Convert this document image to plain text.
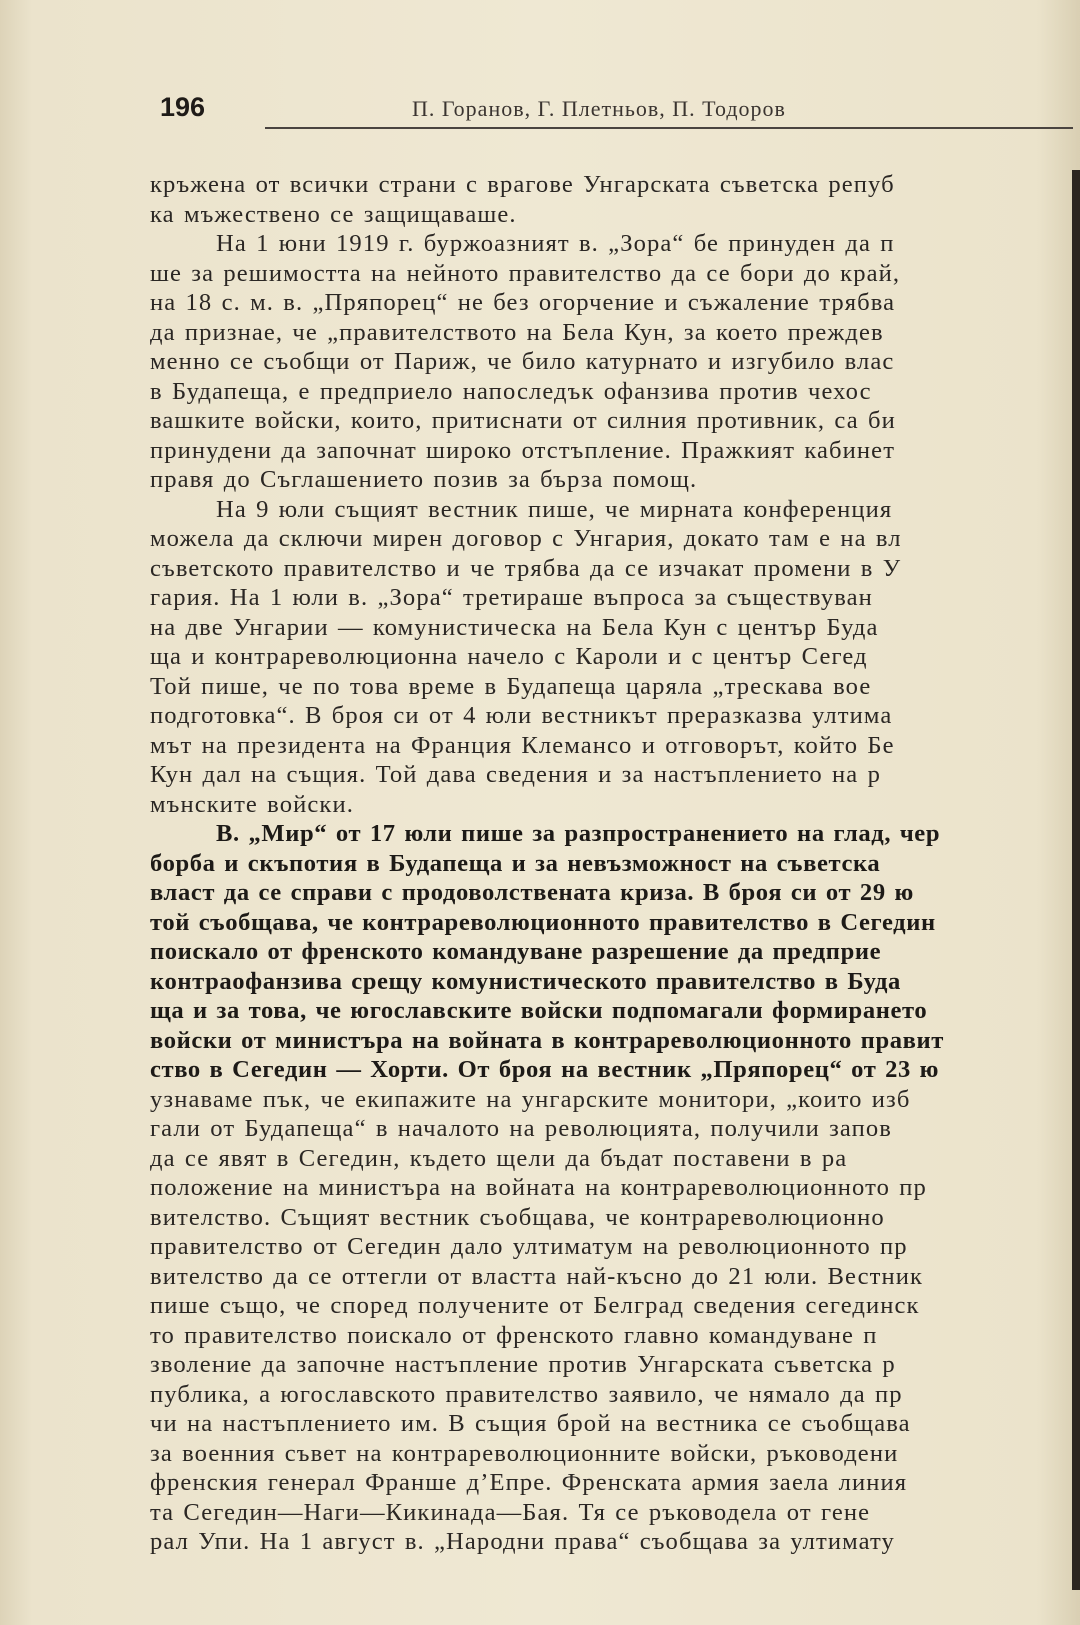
196	П. Горанов, Г. Плетньов, П. Тодоров
кръжена от всички страни с врагове Унгарската съветска репуб
ка мъжествено се защищаваше.
На 1 юни 1919 г. буржоазният в. „Зора“ бе принуден да п
ше за решимостта на нейното правителство да се бори до край,
на 18 с. м. в. „Пряпорец“ не без огорчение и съжаление трябва
да признае, че „правителството на Бела Кун, за което преждев
менно се съобщи от Париж, че било катурнато и изгубило влас
в Будапеща, е предприело напоследък офанзива против чехос
вашките войски, които, притиснати от силния противник, са би
принудени да започнат широко отстъпление. Пражкият кабинет
правя до Съглашението позив за бърза помощ.
На 9 юли същият вестник пише, че мирната конференция
можела да сключи мирен договор с Унгария, докато там е на вл
съветското правителство и че трябва да се изчакат промени в У
гария. На 1 юли в. „Зора“ третираше въпроса за съществуван
на две Унгарии — комунистическа на Бела Кун с център Буда
ща и контрареволюционна начело с Кароли и с център Сегед
Той пише, че по това време в Будапеща царяла „трескава вое
подготовка“. В броя си от 4 юли вестникът преразказва ултима
мът на президента на Франция Клемансо и отговорът, който Бе
Кун дал на същия. Той дава сведения и за настъплението на р
мънските войски.
В. „Мир“ от 17 юли пише за разпространението на глад, чер
борба и скъпотия в Будапеща и за невъзможност на съветска
власт да се справи с продоволствената криза. В броя си от 29 ю
той съобщава, че контрареволюционното правителство в Сегедин
поискало от френското командуване разрешение да предприе
контраофанзива срещу комунистическото правителство в Буда
ща и за това, че югославските войски подпомагали формирането
войски от министъра на войната в контрареволюционното правит
ство в Сегедин — Хорти. От броя на вестник „Пряпорец“ от 23 ю
узнаваме пък, че екипажите на унгарските монитори, „които изб
гали от Будапеща“ в началото на революцията, получили запов
да се явят в Сегедин, където щели да бъдат поставени в ра
положение на министъра на войната на контрареволюционното пр
вителство. Същият вестник съобщава, че контрареволюционно
правителство от Сегедин дало ултиматум на революционното пр
вителство да се оттегли от властта най-късно до 21 юли. Вестник
пише също, че според получените от Белград сведения сегединск
то правителство поискало от френското главно командуване п
зволение да започне настъпление против Унгарската съветска р
публика, а югославското правителство заявило, че нямало да пр
чи на настъплението им. В същия брой на вестника се съобщава
за военния съвет на контрареволюционните войски, ръководени
френския генерал Франше д’Епре. Френската армия заела линия
та Сегедин—Наги—Кикинада—Бая. Тя се ръководела от гене
рал Упи. На 1 август в. „Народни права“ съобщава за ултимату
